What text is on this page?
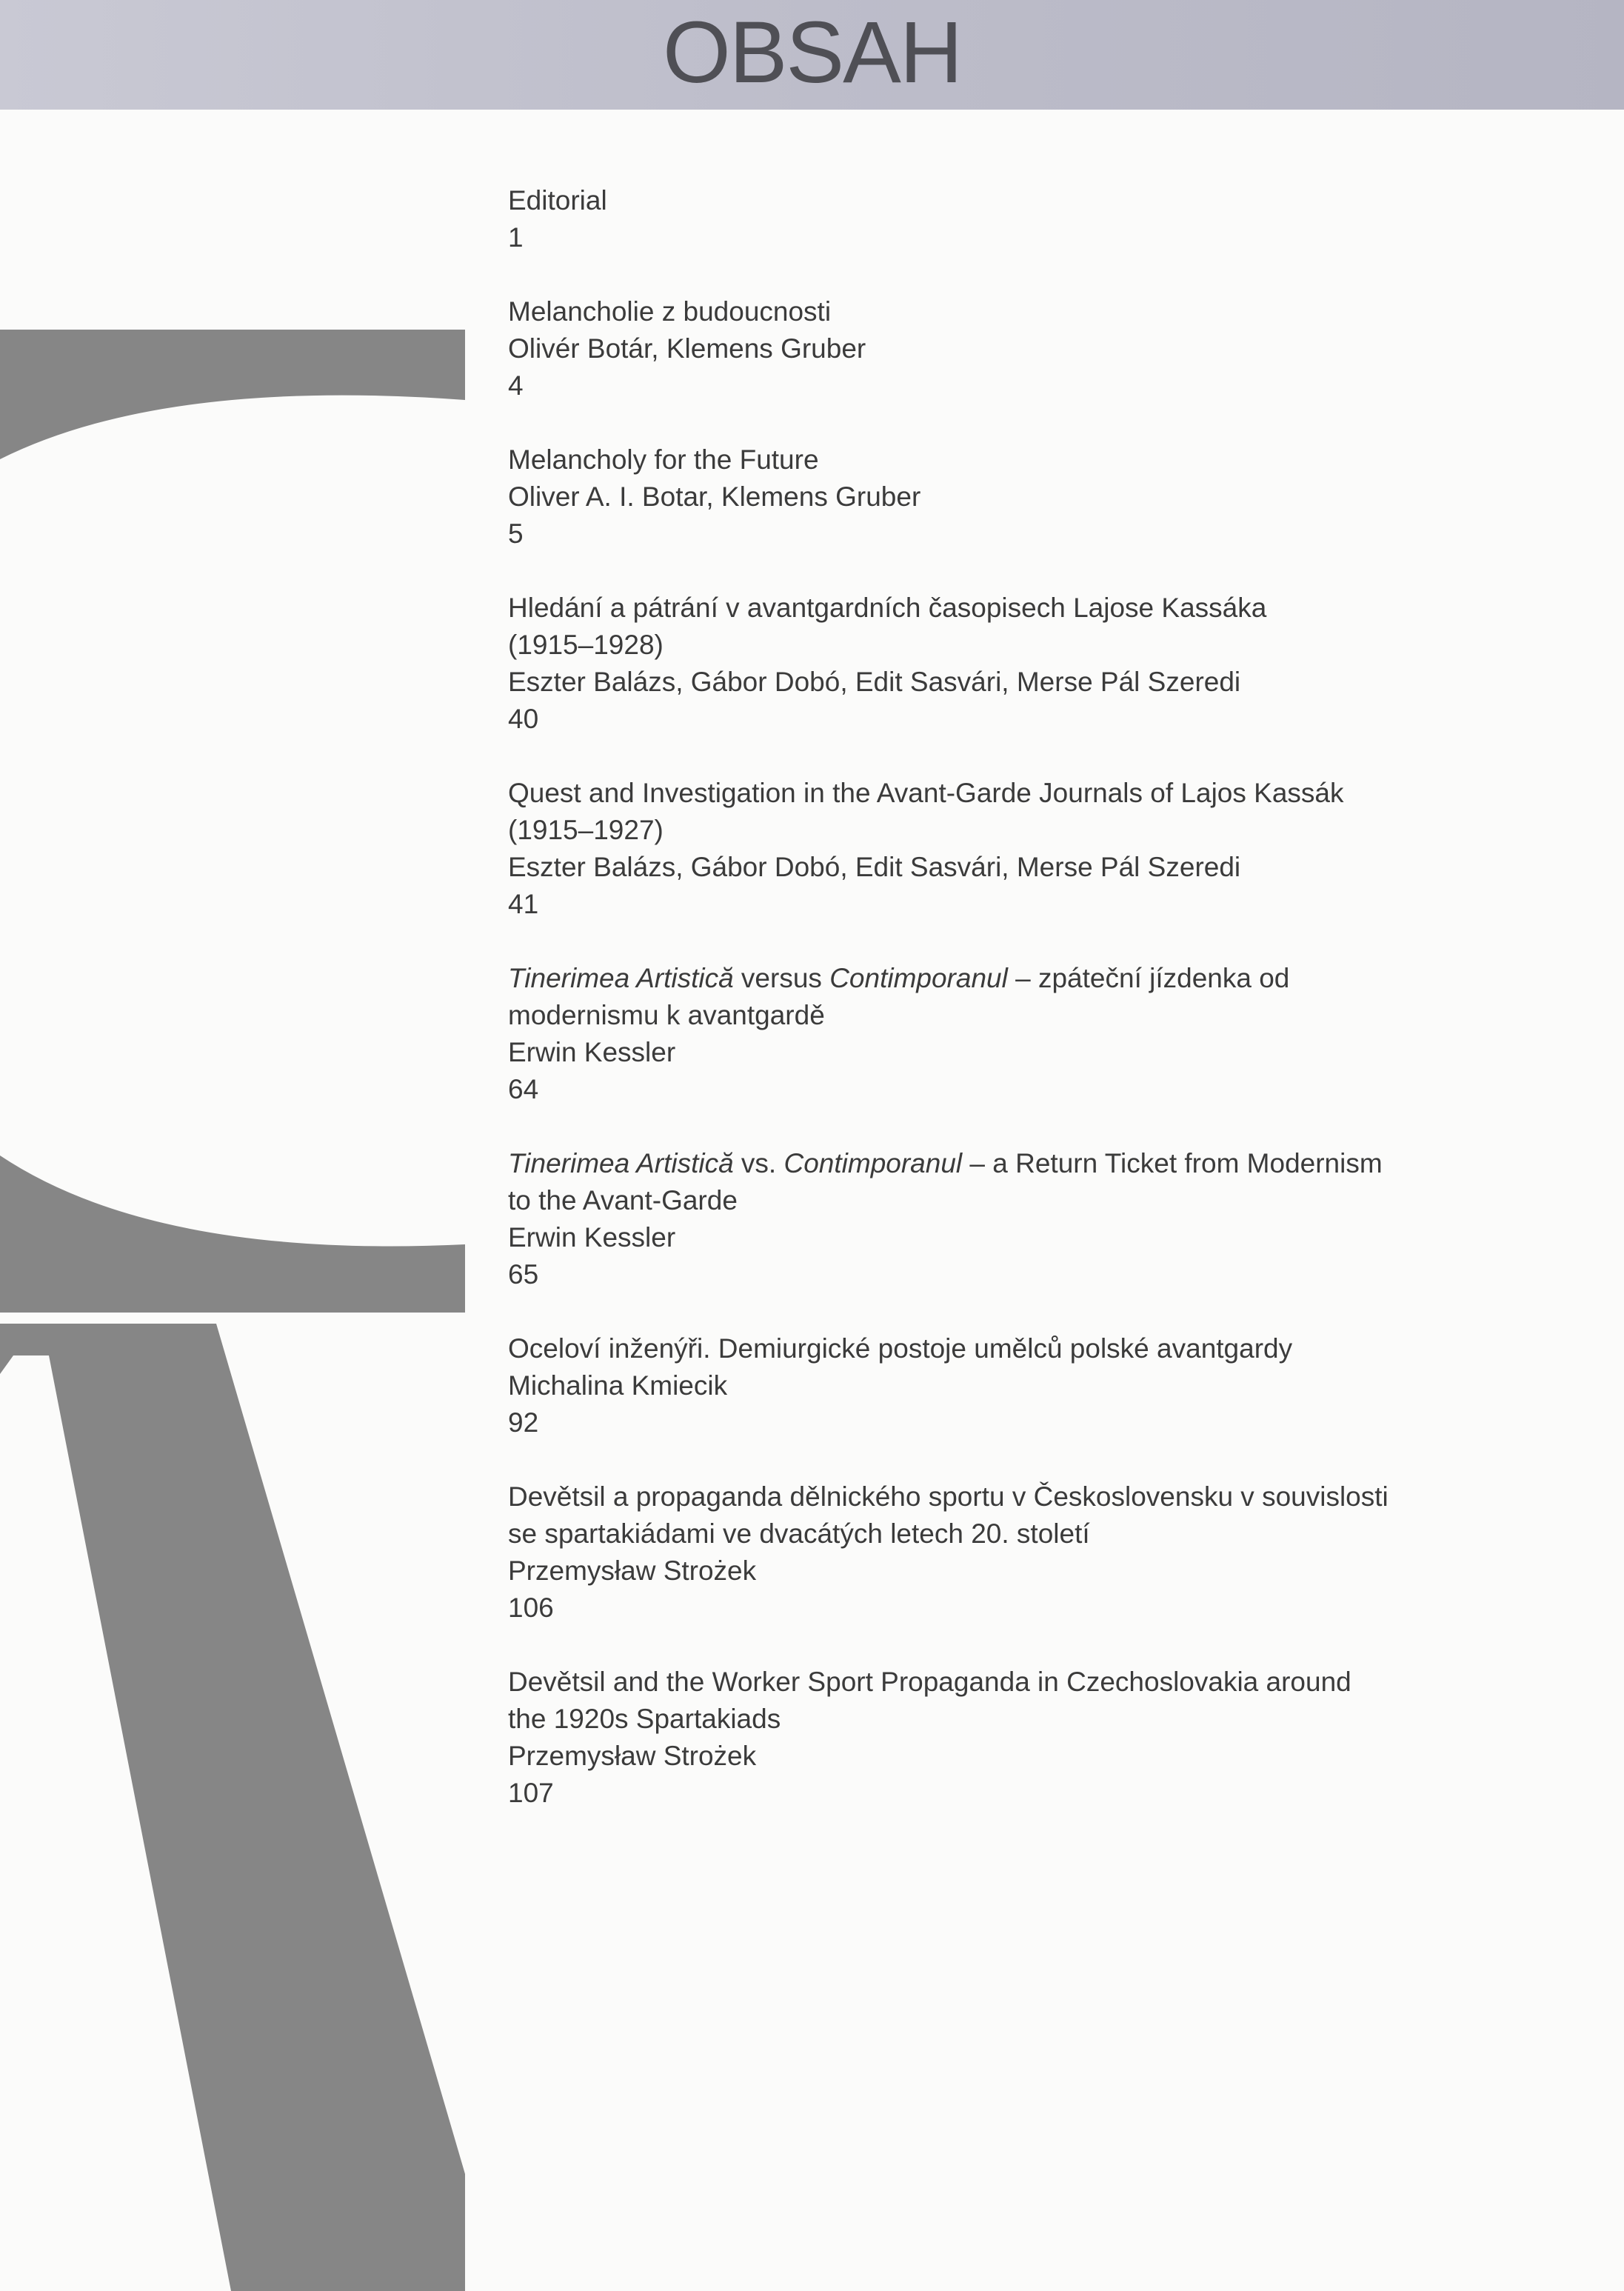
OBSAH
Editorial
1
Melancholie z budoucnosti
Olivér Botár, Klemens Gruber
4
Melancholy for the Future
Oliver A. I. Botar, Klemens Gruber
5
Hledání a pátrání v avantgardních časopisech Lajose Kassáka
(1915–1928)
Eszter Balázs, Gábor Dobó, Edit Sasvári, Merse Pál Szeredi
40
Quest and Investigation in the Avant-Garde Journals of Lajos Kassák
(1915–1927)
Eszter Balázs, Gábor Dobó, Edit Sasvári, Merse Pál Szeredi
41
Tinerimea Artistică versus Contimporanul – zpáteční jízdenka od
modernismu k avantgardě
Erwin Kessler
64
Tinerimea Artistică vs. Contimporanul – a Return Ticket from Modernism
to the Avant-Garde
Erwin Kessler
65
Oceloví inženýři. Demiurgické postoje umělců polské avantgardy
Michalina Kmiecik
92
Devětsil a propaganda dělnického sportu v Československu v souvislosti
se spartakiádami ve dvacátých letech 20. století
Przemysław Strożek
106
Devětsil and the Worker Sport Propaganda in Czechoslovakia around
the 1920s Spartakiads
Przemysław Strożek
107
